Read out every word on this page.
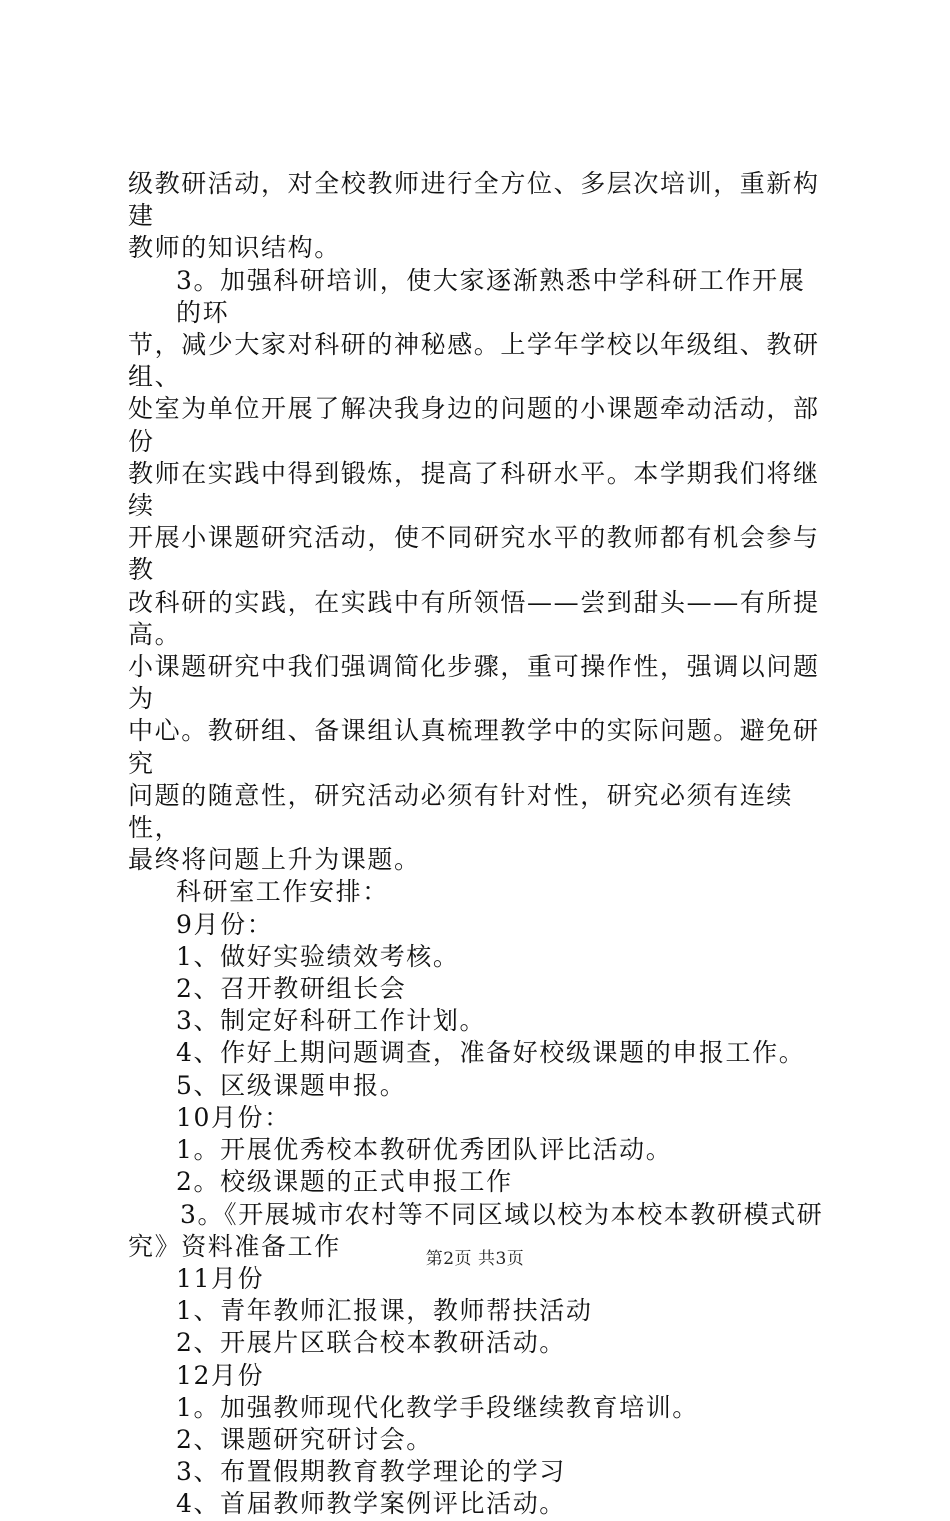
级教研活动，对全校教师进行全方位、多层次培训，重新构建
教师的知识结构。

3。加强科研培训，使大家逐渐熟悉中学科研工作开展的环
节，减少大家对科研的神秘感。上学年学校以年级组、教研组、
处室为单位开展了解决我身边的问题的小课题牵动活动，部份
教师在实践中得到锻炼，提高了科研水平。本学期我们将继续
开展小课题研究活动，使不同研究水平的教师都有机会参与教
改科研的实践，在实践中有所领悟——尝到甜头——有所提高。
小课题研究中我们强调简化步骤，重可操作性，强调以问题为
中心。教研组、备课组认真梳理教学中的实际问题。避免研究
问题的随意性，研究活动必须有针对性，研究必须有连续性，
最终将问题上升为课题。

科研室工作安排：

9月份：

1、做好实验绩效考核。

2、召开教研组长会

3、制定好科研工作计划。

4、作好上期问题调查，准备好校级课题的申报工作。

5、区级课题申报。

10月份：

1。开展优秀校本教研优秀团队评比活动。

2。校级课题的正式申报工作

3。《开展城市农村等不同区域以校为本校本教研模式研
究》资料准备工作

11月份

1、青年教师汇报课，教师帮扶活动

2、开展片区联合校本教研活动。

12月份

1。加强教师现代化教学手段继续教育培训。

2、课题研究研讨会。

3、布置假期教育教学理论的学习

4、首届教师教学案例评比活动。

第2页 共3页
